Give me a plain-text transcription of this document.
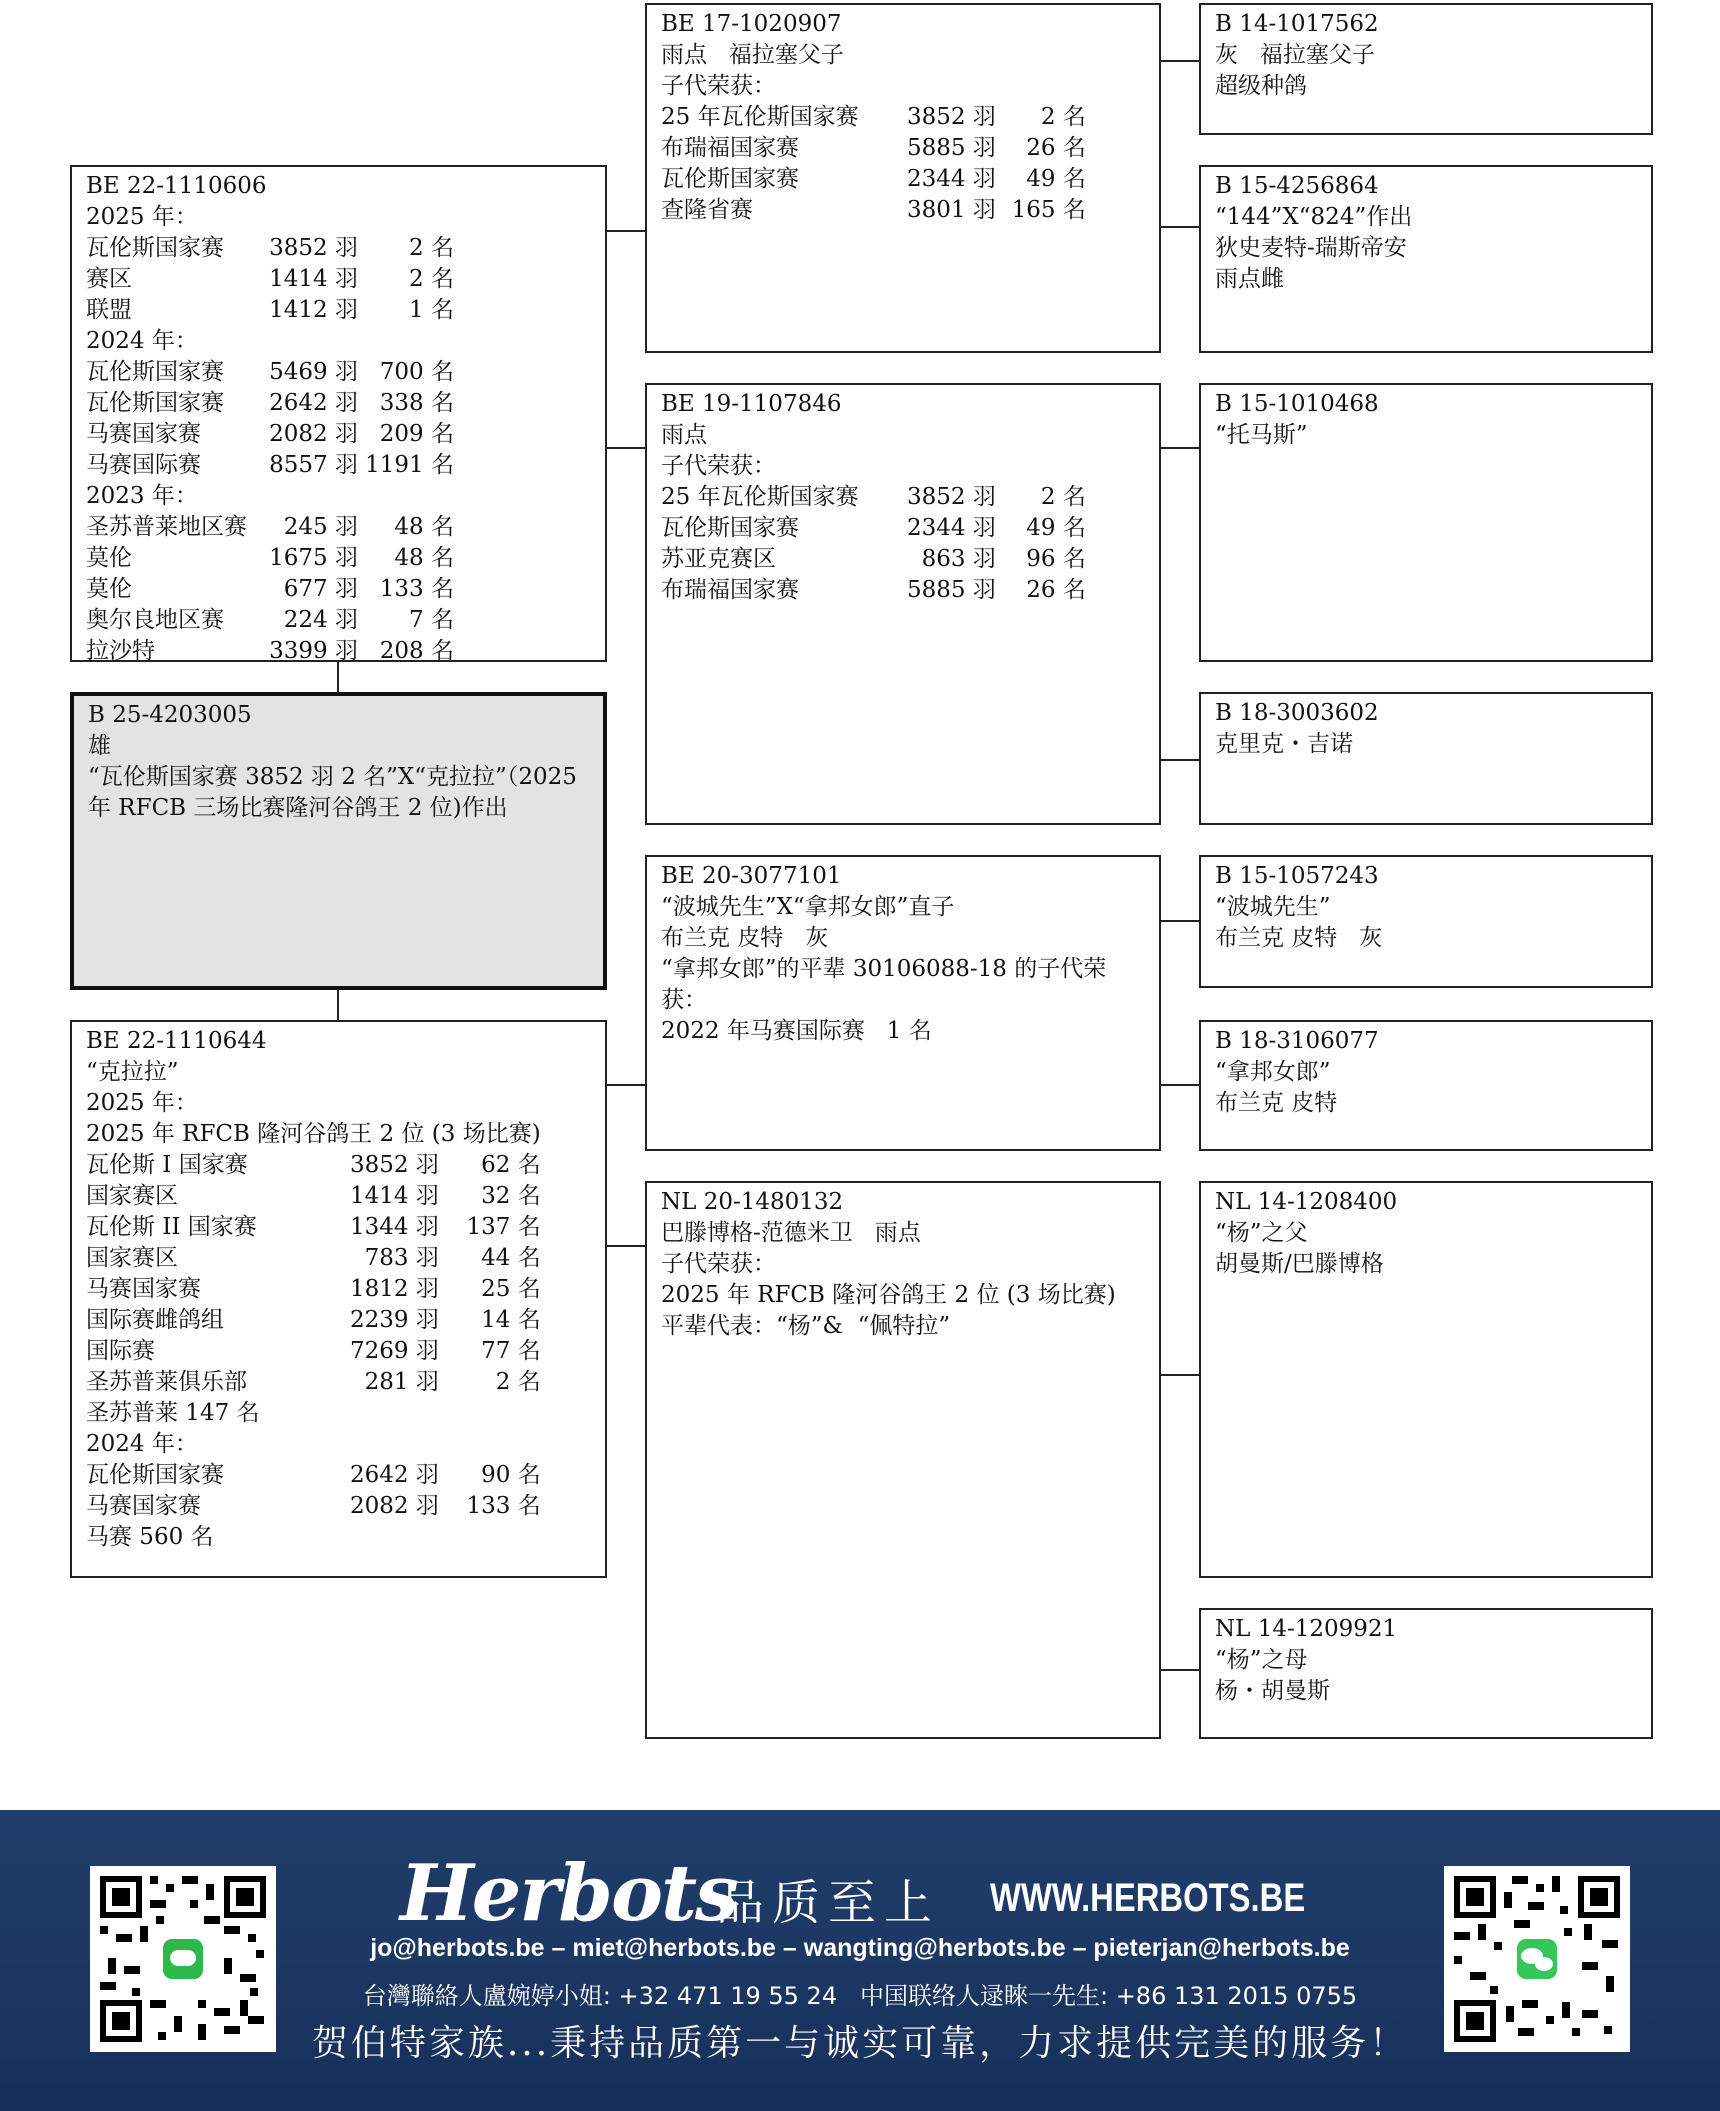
BE 22-1110606
2025 年：		
瓦伦斯国家赛	3852 羽	2 名
赛区	1414 羽	2 名
联盟	1412 羽	1 名
2024 年：		
瓦伦斯国家赛	5469 羽	700 名
瓦伦斯国家赛	2642 羽	338 名
马赛国家赛	2082 羽	209 名
马赛国际赛	8557 羽	1191 名
2023 年：		
圣苏普莱地区赛	245 羽	48 名
莫伦	1675 羽	48 名
莫伦	677 羽	133 名
奥尔良地区赛	224 羽	7 名
拉沙特	3399 羽	208 名
B 25-4203005
雄
“瓦伦斯国家赛 3852 羽 2 名”X“克拉拉”（2025 年 RFCB 三场比赛隆河谷鸽王 2 位)作出
BE 22-1110644
“克拉拉”
2025 年：		
2025 年 RFCB 隆河谷鸽王 2 位 (3 场比赛)		
瓦伦斯 I 国家赛	3852 羽	62 名
国家赛区	1414 羽	32 名
瓦伦斯 II 国家赛	1344 羽	137 名
国家赛区	783 羽	44 名
马赛国家赛	1812 羽	25 名
国际赛雌鸽组	2239 羽	14 名
国际赛	7269 羽	77 名
圣苏普莱俱乐部	281 羽	2 名
圣苏普莱 147 名		
2024 年：		
瓦伦斯国家赛	2642 羽	90 名
马赛国家赛	2082 羽	133 名
马赛 560 名		
BE 17-1020907
雨点   福拉塞父子
子代荣获：
25 年瓦伦斯国家赛	3852 羽	2 名
布瑞福国家赛	5885 羽	26 名
瓦伦斯国家赛	2344 羽	49 名
查隆省赛	3801 羽	165 名
BE 19-1107846
雨点
子代荣获：
25 年瓦伦斯国家赛	3852 羽	2 名
瓦伦斯国家赛	2344 羽	49 名
苏亚克赛区	863 羽	96 名
布瑞福国家赛	5885 羽	26 名
BE 20-3077101
“波城先生”X“拿邦女郎”直子
布兰克 皮特   灰
“拿邦女郎”的平辈 30106088-18 的子代荣获：
2022 年马赛国际赛   1 名
NL 20-1480132
巴滕博格-范德米卫   雨点
子代荣获：
2025 年 RFCB 隆河谷鸽王 2 位 (3 场比赛)
平辈代表：“杨”&  “佩特拉”
B 14-1017562
灰   福拉塞父子
超级种鸽
B 15-4256864
“144”X“824”作出
狄史麦特-瑞斯帝安
雨点雌
B 15-1010468
“托马斯”
B 18-3003602
克里克・吉诺
B 15-1057243
“波城先生”
布兰克 皮特   灰
B 18-3106077
“拿邦女郎”
布兰克 皮特
NL 14-1208400
“杨”之父
胡曼斯/巴滕博格
NL 14-1209921
“杨”之母
杨・胡曼斯
Herbots
品质至上 WWW.HERBOTS.BE
jo@herbots.be – miet@herbots.be – wangting@herbots.be – pieterjan@herbots.be
台灣聯絡人盧婉婷小姐: +32 471 19 55 24   中国联络人逯睞一先生: +86 131 2015 0755
贺伯特家族...秉持品质第一与诚实可靠，力求提供完美的服务！
